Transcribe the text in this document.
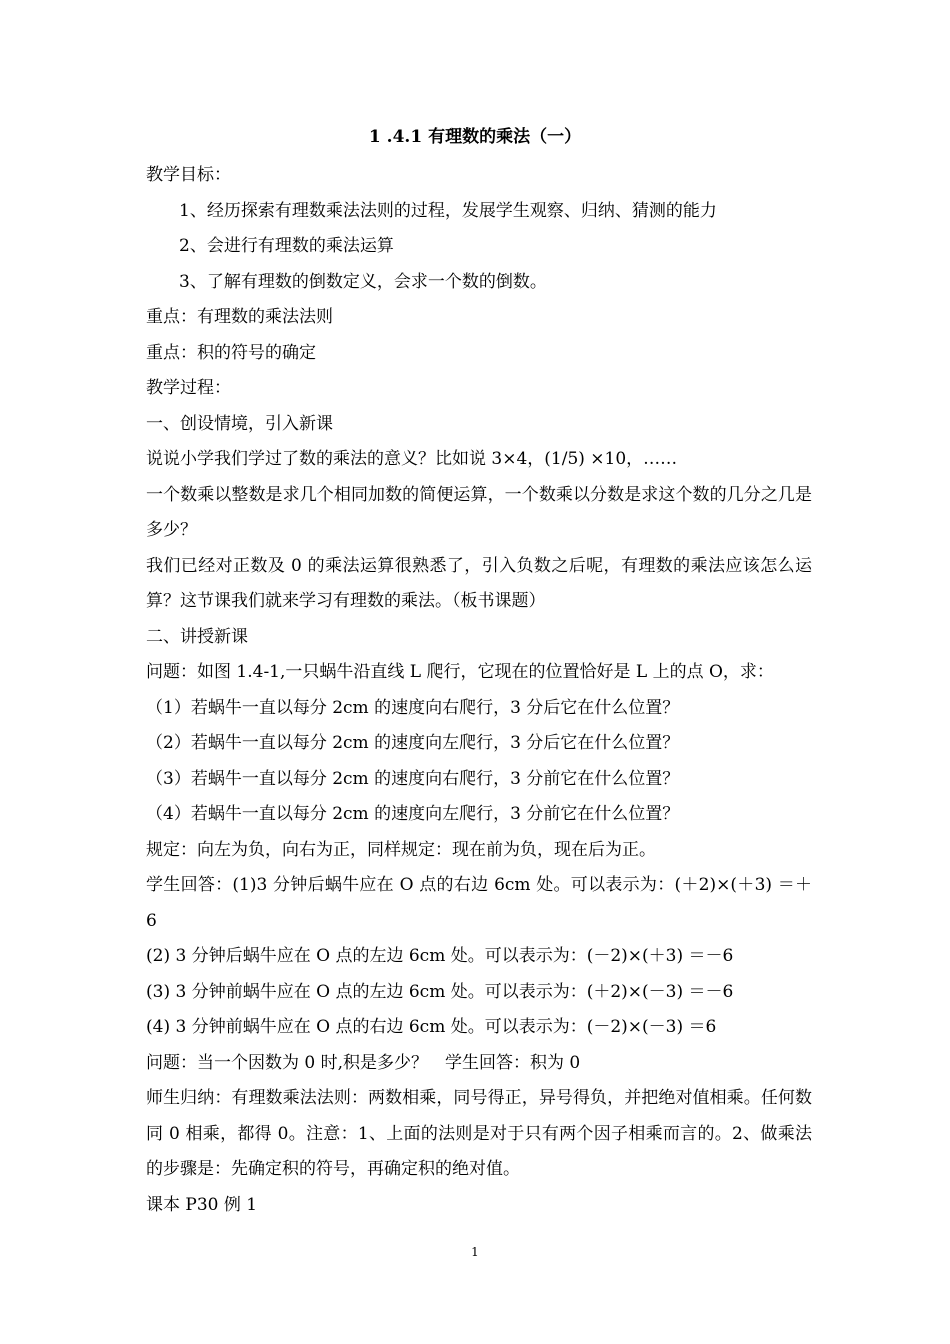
1 .4.1 有理数的乘法（一）
教学目标：
1、经历探索有理数乘法法则的过程，发展学生观察、归纳、猜测的能力
2、会进行有理数的乘法运算
3、了解有理数的倒数定义，会求一个数的倒数。
重点：有理数的乘法法则
重点：积的符号的确定
教学过程：
一、创设情境，引入新课
说说小学我们学过了数的乘法的意义？比如说 3×4，(1/5) ×10，……
一个数乘以整数是求几个相同加数的简便运算，一个数乘以分数是求这个数的几分之几是多少？
我们已经对正数及 0 的乘法运算很熟悉了，引入负数之后呢，有理数的乘法应该怎么运算？这节课我们就来学习有理数的乘法。（板书课题）
二、讲授新课
问题：如图 1.4-1,一只蜗牛沿直线 L 爬行，它现在的位置恰好是 L 上的点 O，求：
（1）若蜗牛一直以每分 2cm 的速度向右爬行，3 分后它在什么位置？
（2）若蜗牛一直以每分 2cm 的速度向左爬行，3 分后它在什么位置？
（3）若蜗牛一直以每分 2cm 的速度向右爬行，3 分前它在什么位置？
（4）若蜗牛一直以每分 2cm 的速度向左爬行，3 分前它在什么位置？
规定：向左为负，向右为正，同样规定：现在前为负，现在后为正。
学生回答：(1)3 分钟后蜗牛应在 O 点的右边 6cm 处。可以表示为：(＋2)×(＋3) ＝＋6
(2) 3 分钟后蜗牛应在 O 点的左边 6cm 处。可以表示为：(－2)×(＋3) ＝－6
(3) 3 分钟前蜗牛应在 O 点的左边 6cm 处。可以表示为：(＋2)×(－3) ＝－6
(4) 3 分钟前蜗牛应在 O 点的右边 6cm 处。可以表示为：(－2)×(－3) ＝6
问题：当一个因数为 0 时,积是多少？　学生回答：积为 0
师生归纳：有理数乘法法则：两数相乘，同号得正，异号得负，并把绝对值相乘。任何数同 0 相乘，都得 0。注意：1、上面的法则是对于只有两个因子相乘而言的。2、做乘法的步骤是：先确定积的符号，再确定积的绝对值。
课本 P30 例 1
1
